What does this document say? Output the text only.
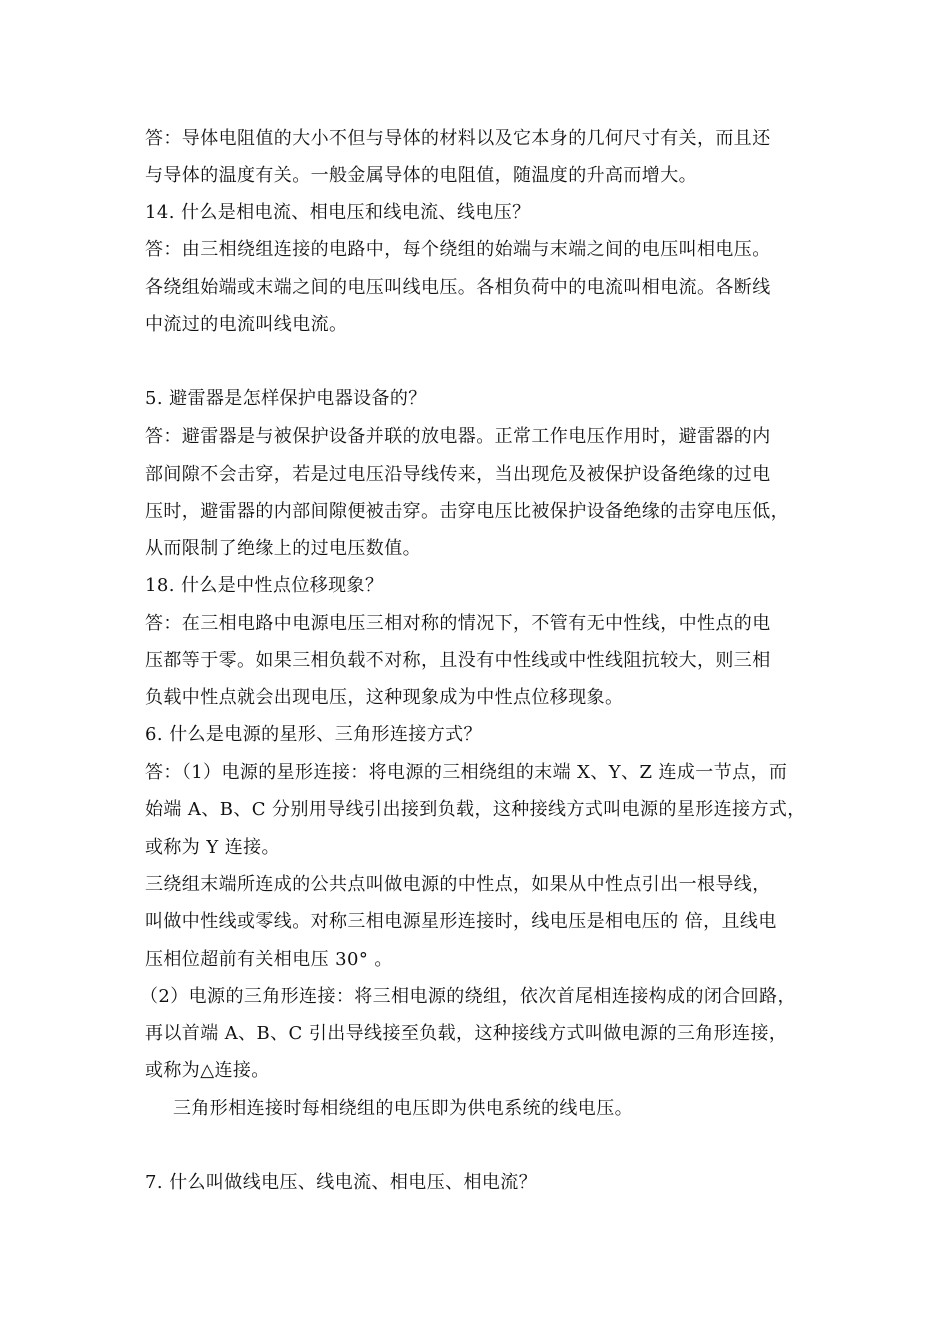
答：导体电阻值的大小不但与导体的材料以及它本身的几何尺寸有关，而且还
与导体的温度有关。一般金属导体的电阻值，随温度的升高而增大。
14. 什么是相电流、相电压和线电流、线电压？
答：由三相绕组连接的电路中，每个绕组的始端与末端之间的电压叫相电压。
各绕组始端或末端之间的电压叫线电压。各相负荷中的电流叫相电流。各断线
中流过的电流叫线电流。
5. 避雷器是怎样保护电器设备的？
答：避雷器是与被保护设备并联的放电器。正常工作电压作用时，避雷器的内
部间隙不会击穿，若是过电压沿导线传来，当出现危及被保护设备绝缘的过电
压时，避雷器的内部间隙便被击穿。击穿电压比被保护设备绝缘的击穿电压低，
从而限制了绝缘上的过电压数值。
18. 什么是中性点位移现象？
答：在三相电路中电源电压三相对称的情况下，不管有无中性线，中性点的电
压都等于零。如果三相负载不对称，且没有中性线或中性线阻抗较大，则三相
负载中性点就会出现电压，这种现象成为中性点位移现象。
6. 什么是电源的星形、三角形连接方式？
答：（1）电源的星形连接：将电源的三相绕组的末端 X、Y、Z 连成一节点，而
始端 A、B、C 分别用导线引出接到负载，这种接线方式叫电源的星形连接方式，
或称为 Y 连接。
三绕组末端所连成的公共点叫做电源的中性点，如果从中性点引出一根导线，
叫做中性线或零线。对称三相电源星形连接时，线电压是相电压的 倍，且线电
压相位超前有关相电压 30° 。
（2）电源的三角形连接：将三相电源的绕组，依次首尾相连接构成的闭合回路，
再以首端 A、B、C 引出导线接至负载，这种接线方式叫做电源的三角形连接，
或称为△连接。
三角形相连接时每相绕组的电压即为供电系统的线电压。
7. 什么叫做线电压、线电流、相电压、相电流？
